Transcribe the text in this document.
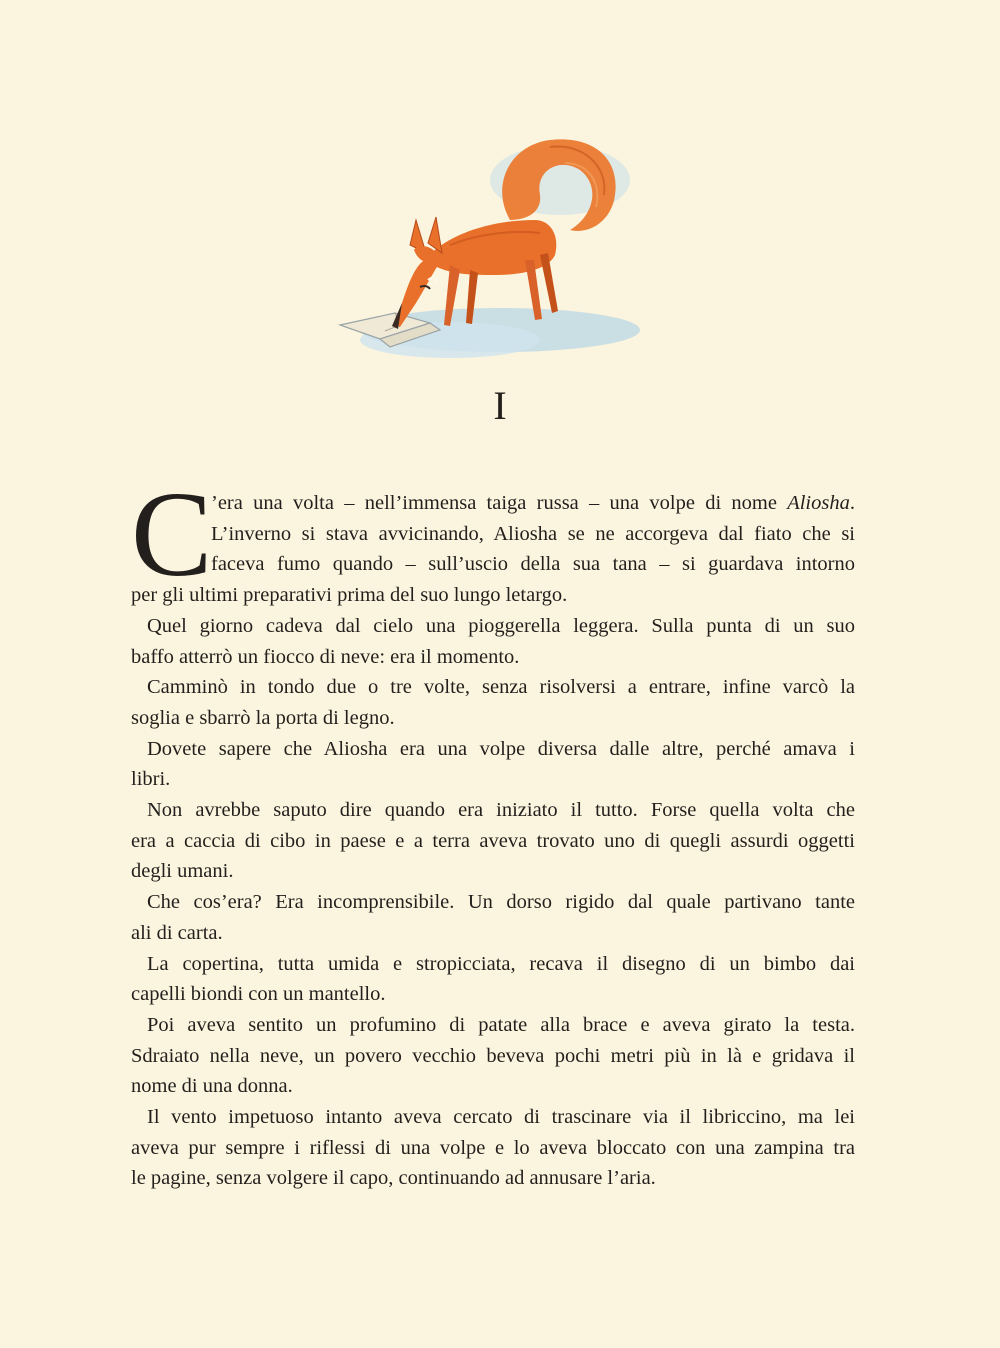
I
C
’era una volta – nell’immensa taiga russa – una volpe di nome Aliosha.
L’inverno si stava avvicinando, Aliosha se ne accorgeva dal fiato che si
faceva fumo quando – sull’uscio della sua tana – si guardava intorno
per gli ultimi preparativi prima del suo lungo letargo.

Quel giorno cadeva dal cielo una pioggerella leggera. Sulla punta di un suo
baffo atterrò un fiocco di neve: era il momento.

Camminò in tondo due o tre volte, senza risolversi a entrare, infine varcò la
soglia e sbarrò la porta di legno.

Dovete sapere che Aliosha era una volpe diversa dalle altre, perché amava i
libri.

Non avrebbe saputo dire quando era iniziato il tutto. Forse quella volta che
era a caccia di cibo in paese e a terra aveva trovato uno di quegli assurdi oggetti
degli umani.

Che cos’era? Era incomprensibile. Un dorso rigido dal quale partivano tante
ali di carta.

La copertina, tutta umida e stropicciata, recava il disegno di un bimbo dai
capelli biondi con un mantello.

Poi aveva sentito un profumino di patate alla brace e aveva girato la testa.
Sdraiato nella neve, un povero vecchio beveva pochi metri più in là e gridava il
nome di una donna.

Il vento impetuoso intanto aveva cercato di trascinare via il libriccino, ma lei
aveva pur sempre i riflessi di una volpe e lo aveva bloccato con una zampina tra
le pagine, senza volgere il capo, continuando ad annusare l’aria.
